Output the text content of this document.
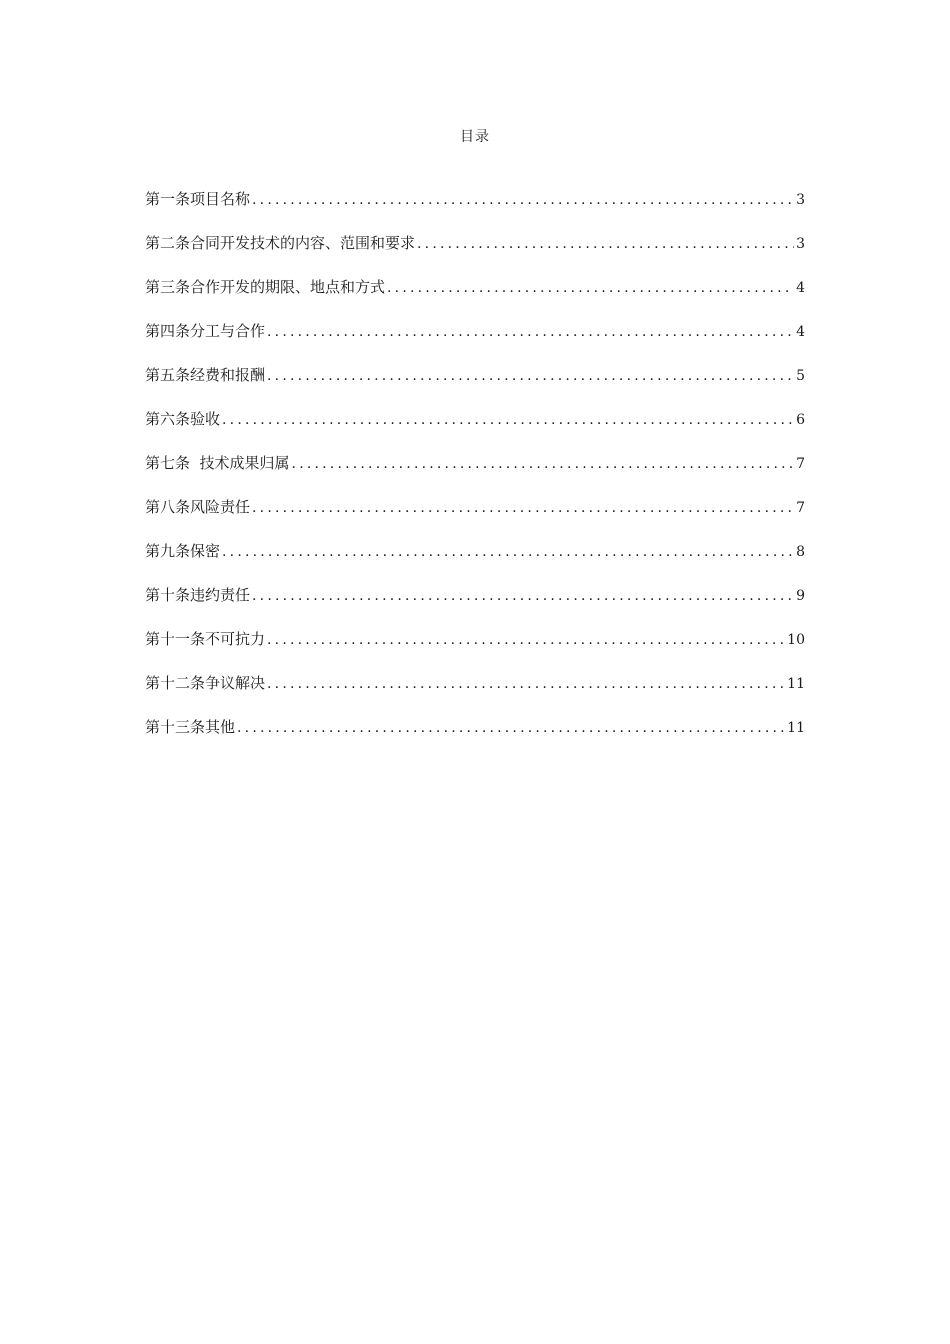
目录
第一条项目名称 .....	3
第二条合同开发技术的内容、范围和要求 .....	3
第三条合作开发的期限、地点和方式 .....	4
第四条分工与合作 .....	4
第五条经费和报酬 .....	5
第六条验收 .....	6
第七条  技术成果归属 .....	7
第八条风险责任 .....	7
第九条保密 .....	8
第十条违约责任 .....	9
第十一条不可抗力 .....	10
第十二条争议解决 .....	11
第十三条其他 .....	11
